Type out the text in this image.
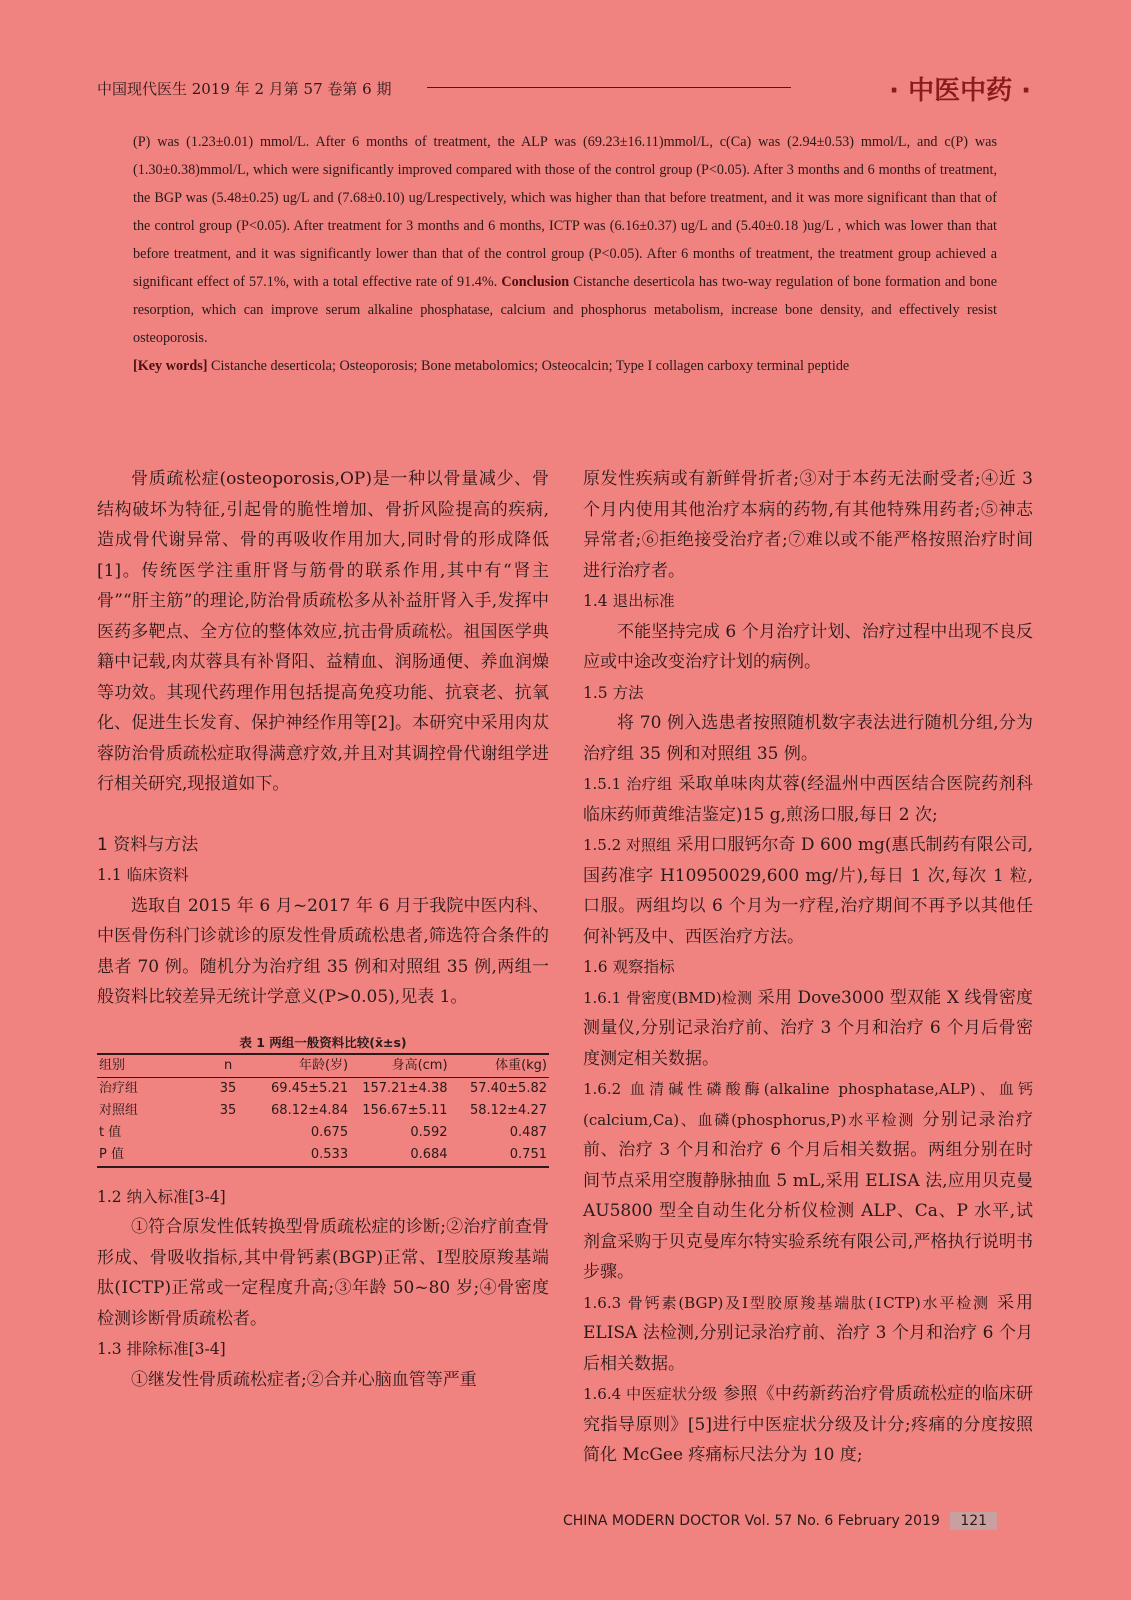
中国现代医生 2019 年 2 月第 57 卷第 6 期	· 中医中药 ·

(P) was (1.23±0.01) mmol/L. After 6 months of treatment, the ALP was (69.23±16.11)mmol/L, c(Ca) was (2.94±0.53) mmol/L, and c(P) was (1.30±0.38)mmol/L, which were significantly improved compared with those of the control group (P<0.05). After 3 months and 6 months of treatment, the BGP was (5.48±0.25) ug/L and (7.68±0.10) ug/Lrespectively, which was higher than that before treatment, and it was more significant than that of the control group (P<0.05). After treatment for 3 months and 6 months, ICTP was (6.16±0.37) ug/L and (5.40±0.18 )ug/L , which was lower than that before treatment, and it was significantly lower than that of the control group (P<0.05). After 6 months of treatment, the treatment group achieved a significant effect of 57.1%, with a total effective rate of 91.4%. Conclusion Cistanche deserticola has two-way regulation of bone formation and bone resorption, which can improve serum alkaline phosphatase, calcium and phosphorus metabolism, increase bone density, and effectively resist osteoporosis.

[Key words] Cistanche deserticola; Osteoporosis; Bone metabolomics; Osteocalcin; Type I collagen carboxy terminal peptide

骨质疏松症(osteoporosis,OP)是一种以骨量减少、骨结构破坏为特征,引起骨的脆性增加、骨折风险提高的疾病,造成骨代谢异常、骨的再吸收作用加大,同时骨的形成降低[1]。传统医学注重肝肾与筋骨的联系作用,其中有“肾主骨”“肝主筋”的理论,防治骨质疏松多从补益肝肾入手,发挥中医药多靶点、全方位的整体效应,抗击骨质疏松。祖国医学典籍中记载,肉苁蓉具有补肾阳、益精血、润肠通便、养血润燥等功效。其现代药理作用包括提高免疫功能、抗衰老、抗氧化、促进生长发育、保护神经作用等[2]。本研究中采用肉苁蓉防治骨质疏松症取得满意疗效,并且对其调控骨代谢组学进行相关研究,现报道如下。

1 资料与方法

1.1 临床资料

选取自 2015 年 6 月~2017 年 6 月于我院中医内科、中医骨伤科门诊就诊的原发性骨质疏松患者,筛选符合条件的患者 70 例。随机分为治疗组 35 例和对照组 35 例,两组一般资料比较差异无统计学意义(P>0.05),见表 1。

表 1 两组一般资料比较(x̄±s)
组别	n	年龄(岁)	身高(cm)	体重(kg)
治疗组	35	69.45±5.21	157.21±4.38	57.40±5.82
对照组	35	68.12±4.84	156.67±5.11	58.12±4.27
t 值		0.675	0.592	0.487
P 值		0.533	0.684	0.751

1.2 纳入标准[3-4]

①符合原发性低转换型骨质疏松症的诊断;②治疗前查骨形成、骨吸收指标,其中骨钙素(BGP)正常、Ⅰ型胶原羧基端肽(ⅠCTP)正常或一定程度升高;③年龄 50~80 岁;④骨密度检测诊断骨质疏松者。

1.3 排除标准[3-4]

①继发性骨质疏松症者;②合并心脑血管等严重

原发性疾病或有新鲜骨折者;③对于本药无法耐受者;④近 3 个月内使用其他治疗本病的药物,有其他特殊用药者;⑤神志异常者;⑥拒绝接受治疗者;⑦难以或不能严格按照治疗时间进行治疗者。

1.4 退出标准

不能坚持完成 6 个月治疗计划、治疗过程中出现不良反应或中途改变治疗计划的病例。

1.5 方法

将 70 例入选患者按照随机数字表法进行随机分组,分为治疗组 35 例和对照组 35 例。

1.5.1 治疗组 采取单味肉苁蓉(经温州中西医结合医院药剂科临床药师黄维洁鉴定)15 g,煎汤口服,每日 2 次;

1.5.2 对照组 采用口服钙尔奇 D 600 mg(惠氏制药有限公司,国药准字 H10950029,600 mg/片),每日 1 次,每次 1 粒,口服。两组均以 6 个月为一疗程,治疗期间不再予以其他任何补钙及中、西医治疗方法。

1.6 观察指标

1.6.1 骨密度(BMD)检测 采用 Dove3000 型双能 X 线骨密度测量仪,分别记录治疗前、治疗 3 个月和治疗 6 个月后骨密度测定相关数据。

1.6.2 血清碱性磷酸酶(alkaline phosphatase,ALP)、血钙(calcium,Ca)、血磷(phosphorus,P)水平检测 分别记录治疗前、治疗 3 个月和治疗 6 个月后相关数据。两组分别在时间节点采用空腹静脉抽血 5 mL,采用 ELISA 法,应用贝克曼 AU5800 型全自动生化分析仪检测 ALP、Ca、P 水平,试剂盒采购于贝克曼库尔特实验系统有限公司,严格执行说明书步骤。

1.6.3 骨钙素(BGP)及Ⅰ型胶原羧基端肽(ⅠCTP)水平检测 采用 ELISA 法检测,分别记录治疗前、治疗 3 个月和治疗 6 个月后相关数据。

1.6.4 中医症状分级 参照《中药新药治疗骨质疏松症的临床研究指导原则》[5]进行中医症状分级及计分;疼痛的分度按照简化 McGee 疼痛标尺法分为 10 度;

CHINA MODERN DOCTOR Vol. 57 No. 6 February 2019 121
